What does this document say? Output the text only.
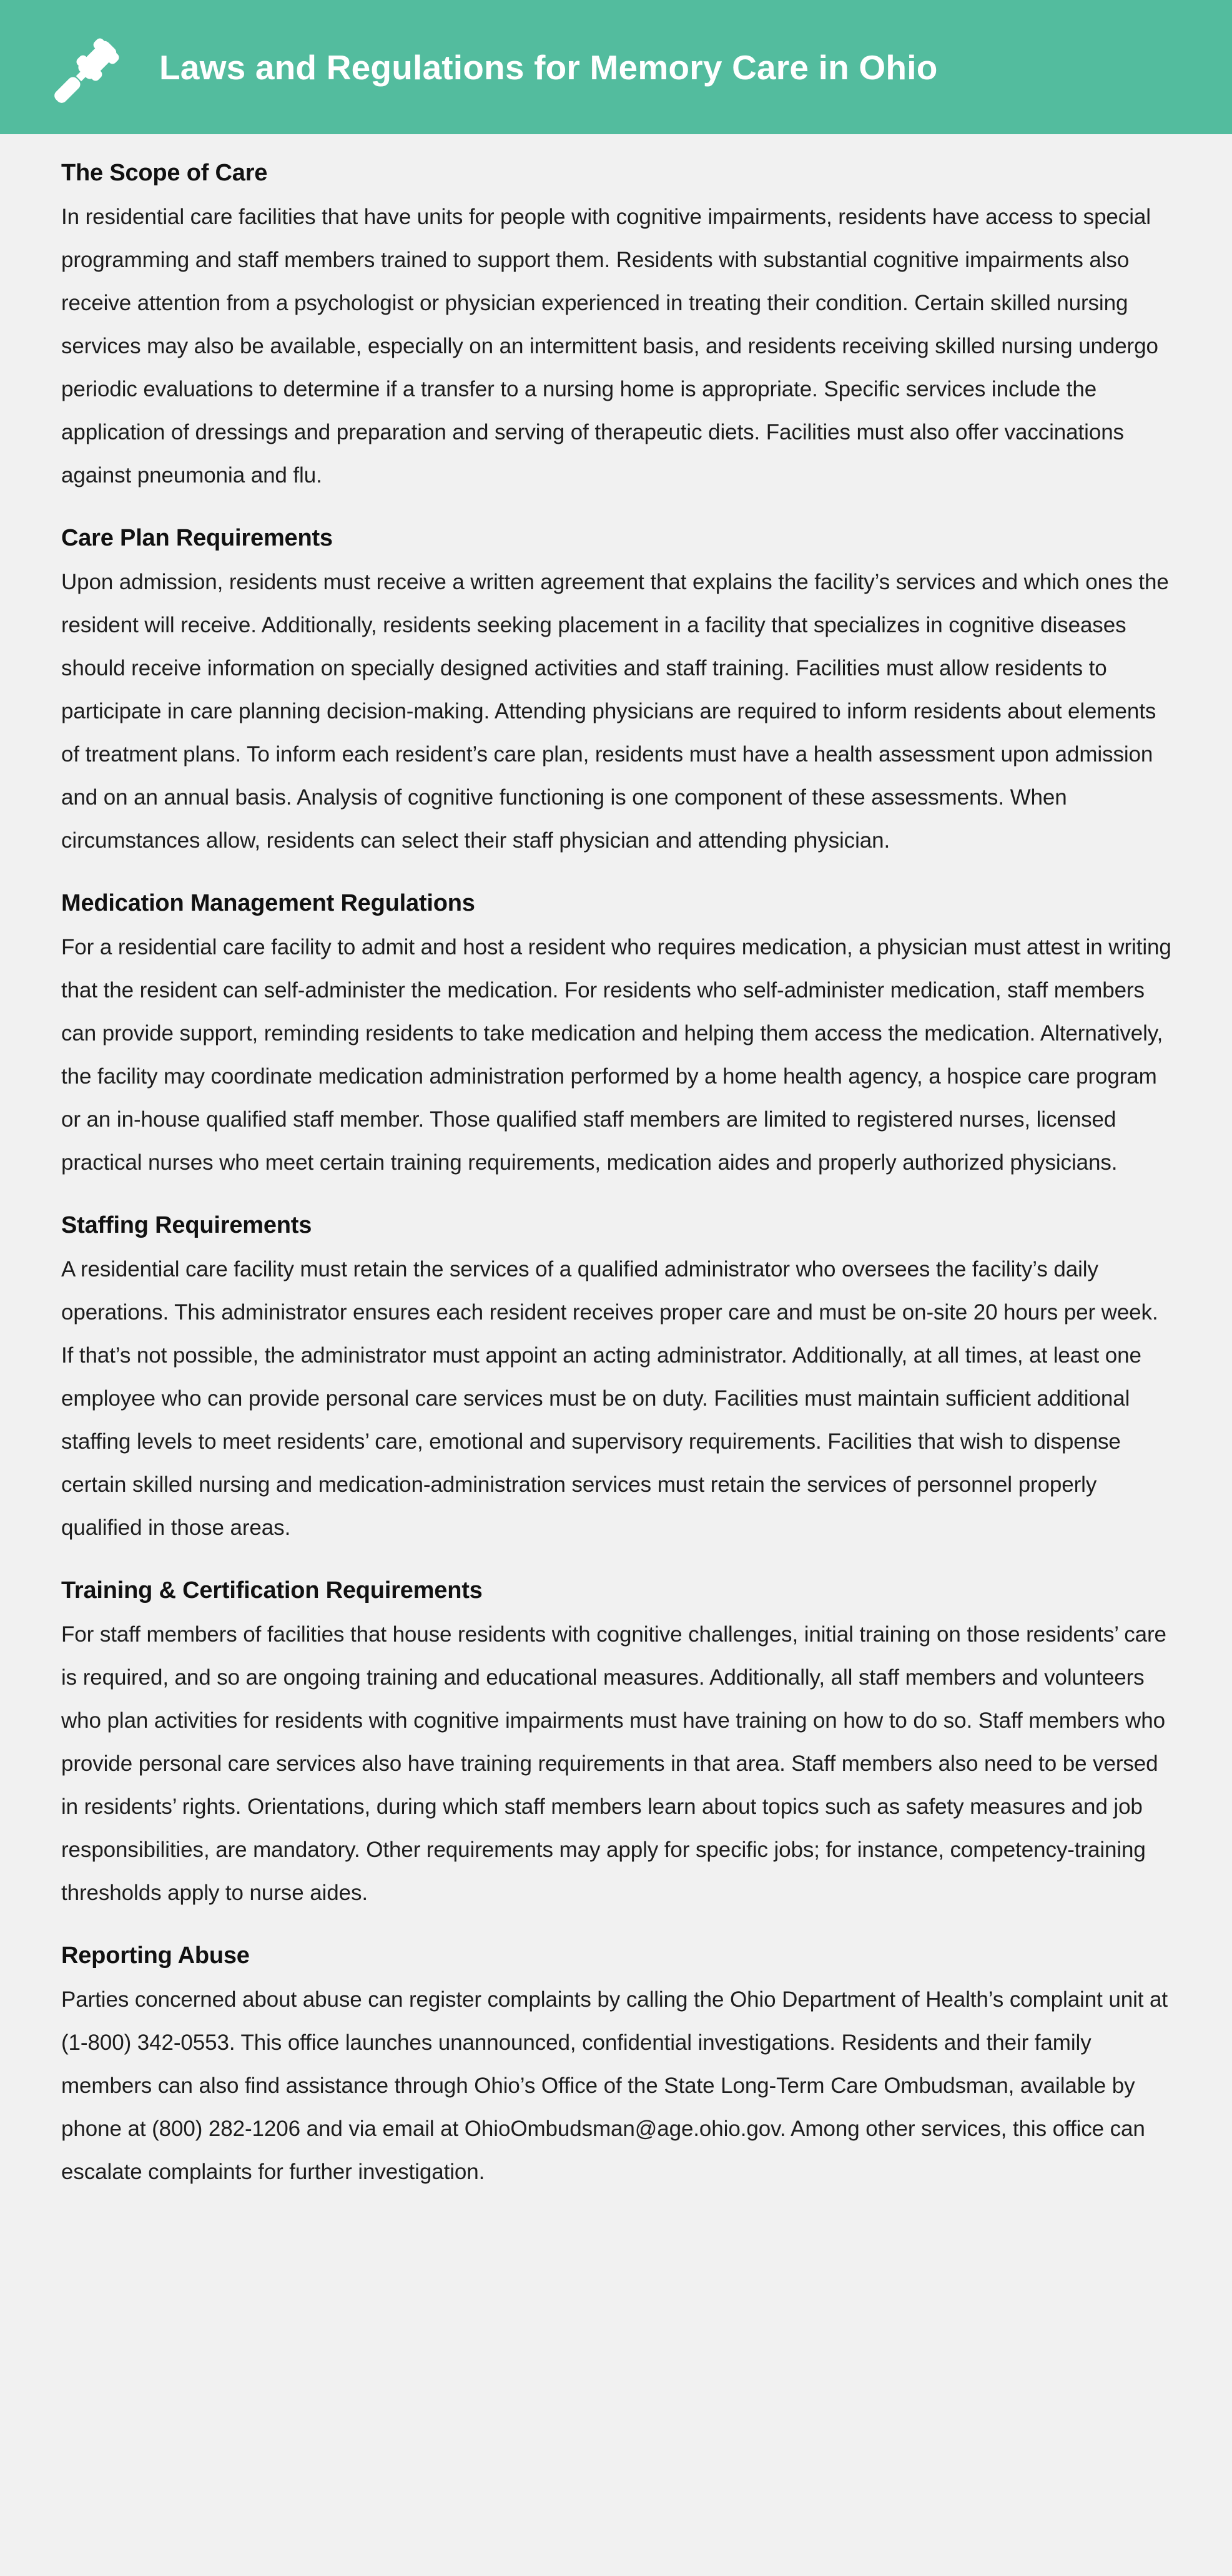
Laws and Regulations for Memory Care in Ohio
The Scope of Care

In residential care facilities that have units for people with cognitive impairments, residents have access to special programming and staff members trained to support them. Residents with substantial cognitive impairments also receive attention from a psychologist or physician experienced in treating their condition. Certain skilled nursing services may also be available, especially on an intermittent basis, and residents receiving skilled nursing undergo periodic evaluations to determine if a transfer to a nursing home is appropriate. Specific services include the application of dressings and preparation and serving of therapeutic diets. Facilities must also offer vaccinations against pneumonia and flu.

Care Plan Requirements

Upon admission, residents must receive a written agreement that explains the facility’s services and which ones the resident will receive. Additionally, residents seeking placement in a facility that specializes in cognitive diseases should receive information on specially designed activities and staff training. Facilities must allow residents to participate in care planning decision-making. Attending physicians are required to inform residents about elements of treatment plans. To inform each resident’s care plan, residents must have a health assessment upon admission and on an annual basis. Analysis of cognitive functioning is one component of these assessments. When circumstances allow, residents can select their staff physician and attending physician.

Medication Management Regulations

For a residential care facility to admit and host a resident who requires medication, a physician must attest in writing that the resident can self-administer the medication. For residents who self-administer medication, staff members can provide support, reminding residents to take medication and helping them access the medication. Alternatively, the facility may coordinate medication administration performed by a home health agency, a hospice care program or an in-house qualified staff member. Those qualified staff members are limited to registered nurses, licensed practical nurses who meet certain training requirements, medication aides and properly authorized physicians.

Staffing Requirements

A residential care facility must retain the services of a qualified administrator who oversees the facility’s daily operations. This administrator ensures each resident receives proper care and must be on-site 20 hours per week. If that’s not possible, the administrator must appoint an acting administrator. Additionally, at all times, at least one employee who can provide personal care services must be on duty. Facilities must maintain sufficient additional staffing levels to meet residents’ care, emotional and supervisory requirements. Facilities that wish to dispense certain skilled nursing and medication-administration services must retain the services of personnel properly qualified in those areas.

Training & Certification Requirements

For staff members of facilities that house residents with cognitive challenges, initial training on those residents’ care is required, and so are ongoing training and educational measures. Additionally, all staff members and volunteers who plan activities for residents with cognitive impairments must have training on how to do so. Staff members who provide personal care services also have training requirements in that area. Staff members also need to be versed in residents’ rights. Orientations, during which staff members learn about topics such as safety measures and job responsibilities, are mandatory. Other requirements may apply for specific jobs; for instance, competency-training thresholds apply to nurse aides.

Reporting Abuse

Parties concerned about abuse can register complaints by calling the Ohio Department of Health’s complaint unit at (1-800) 342-0553. This office launches unannounced, confidential investigations. Residents and their family members can also find assistance through Ohio’s Office of the State Long-Term Care Ombudsman, available by phone at (800) 282-1206 and via email at OhioOmbudsman@age.ohio.gov. Among other services, this office can escalate complaints for further investigation.
